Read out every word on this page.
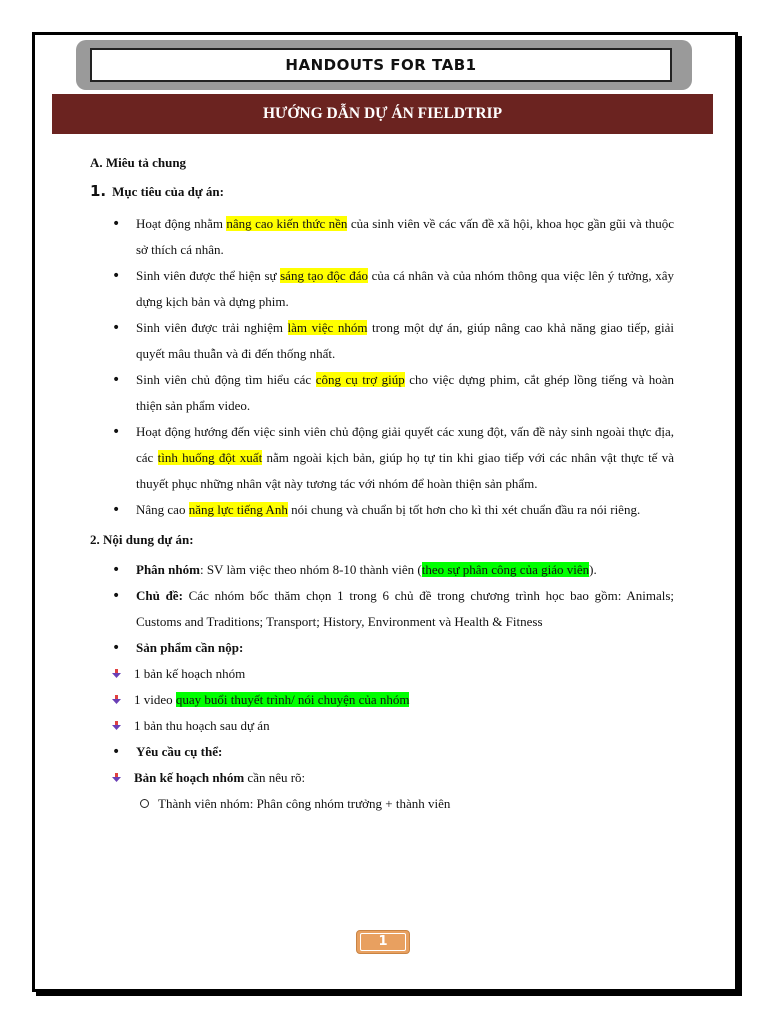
HANDOUTS FOR TAB1
HƯỚNG DẪN DỰ ÁN FIELDTRIP

A. Miêu tả chung

1. Mục tiêu của dự án:

• Hoạt động nhằm nâng cao kiến thức nền của sinh viên về các vấn đề xã hội, khoa học gần gũi và thuộc sở thích cá nhân.
• Sinh viên được thể hiện sự sáng tạo độc đáo của cá nhân và của nhóm thông qua việc lên ý tưởng, xây dựng kịch bản và dựng phim.
• Sinh viên được trải nghiệm làm việc nhóm trong một dự án, giúp nâng cao khả năng giao tiếp, giải quyết mâu thuẫn và đi đến thống nhất.
• Sinh viên chủ động tìm hiểu các công cụ trợ giúp cho việc dựng phim, cắt ghép lồng tiếng và hoàn thiện sản phẩm video.
• Hoạt động hướng đến việc sinh viên chủ động giải quyết các xung đột, vấn đề nảy sinh ngoài thực địa, các tình huống đột xuất nằm ngoài kịch bản, giúp họ tự tin khi giao tiếp với các nhân vật thực tế và thuyết phục những nhân vật này tương tác với nhóm để hoàn thiện sản phẩm.
• Nâng cao năng lực tiếng Anh nói chung và chuẩn bị tốt hơn cho kì thi xét chuẩn đầu ra nói riêng.

2. Nội dung dự án:

• Phân nhóm: SV làm việc theo nhóm 8-10 thành viên (theo sự phân công của giáo viên).
• Chủ đề: Các nhóm bốc thăm chọn 1 trong 6 chủ đề trong chương trình học bao gồm: Animals; Customs and Traditions; Transport; History, Environment và Health & Fitness
• Sản phẩm cần nộp:
1 bản kế hoạch nhóm
1 video quay buổi thuyết trình/ nói chuyện của nhóm
1 bản thu hoạch sau dự án
• Yêu cầu cụ thể:
Bản kế hoạch nhóm cần nêu rõ:
Thành viên nhóm: Phân công nhóm trưởng + thành viên
1
